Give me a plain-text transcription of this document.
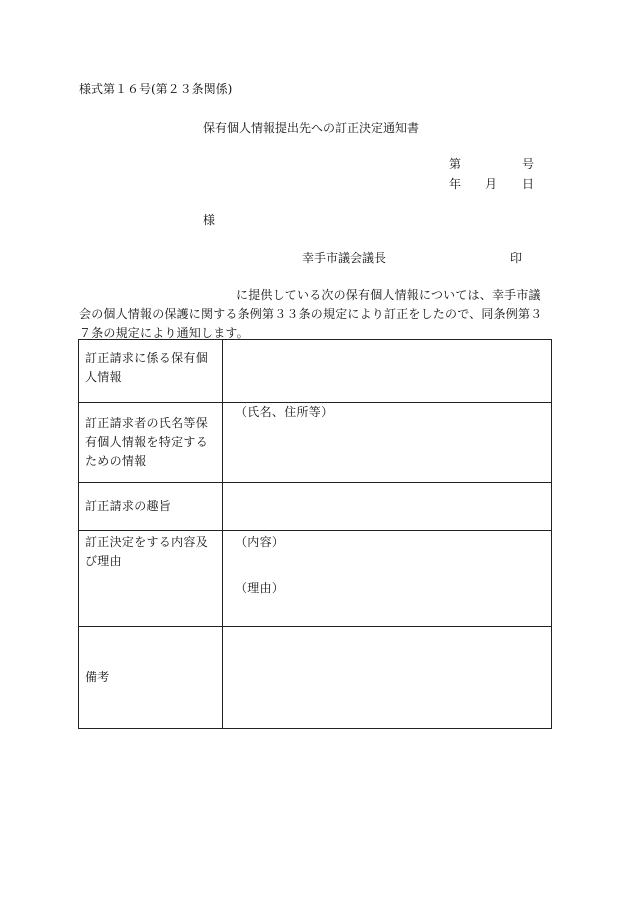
様式第１６号(第２３条関係)
保有個人情報提出先への訂正決定通知書
第	号
年 月 日
様
幸手市議会議長	印
に提供している次の保有個人情報については、幸手市議
会の個人情報の保護に関する条例第３３条の規定により訂正をしたので、同条例第３
７条の規定により通知します。
訂正請求に係る保有個人情報	
訂正請求者の氏名等保有個人情報を特定するための情報	（氏名、住所等）
訂正請求の趣旨	
訂正決定をする内容及び理由	（内容）
（理由）

備考	
